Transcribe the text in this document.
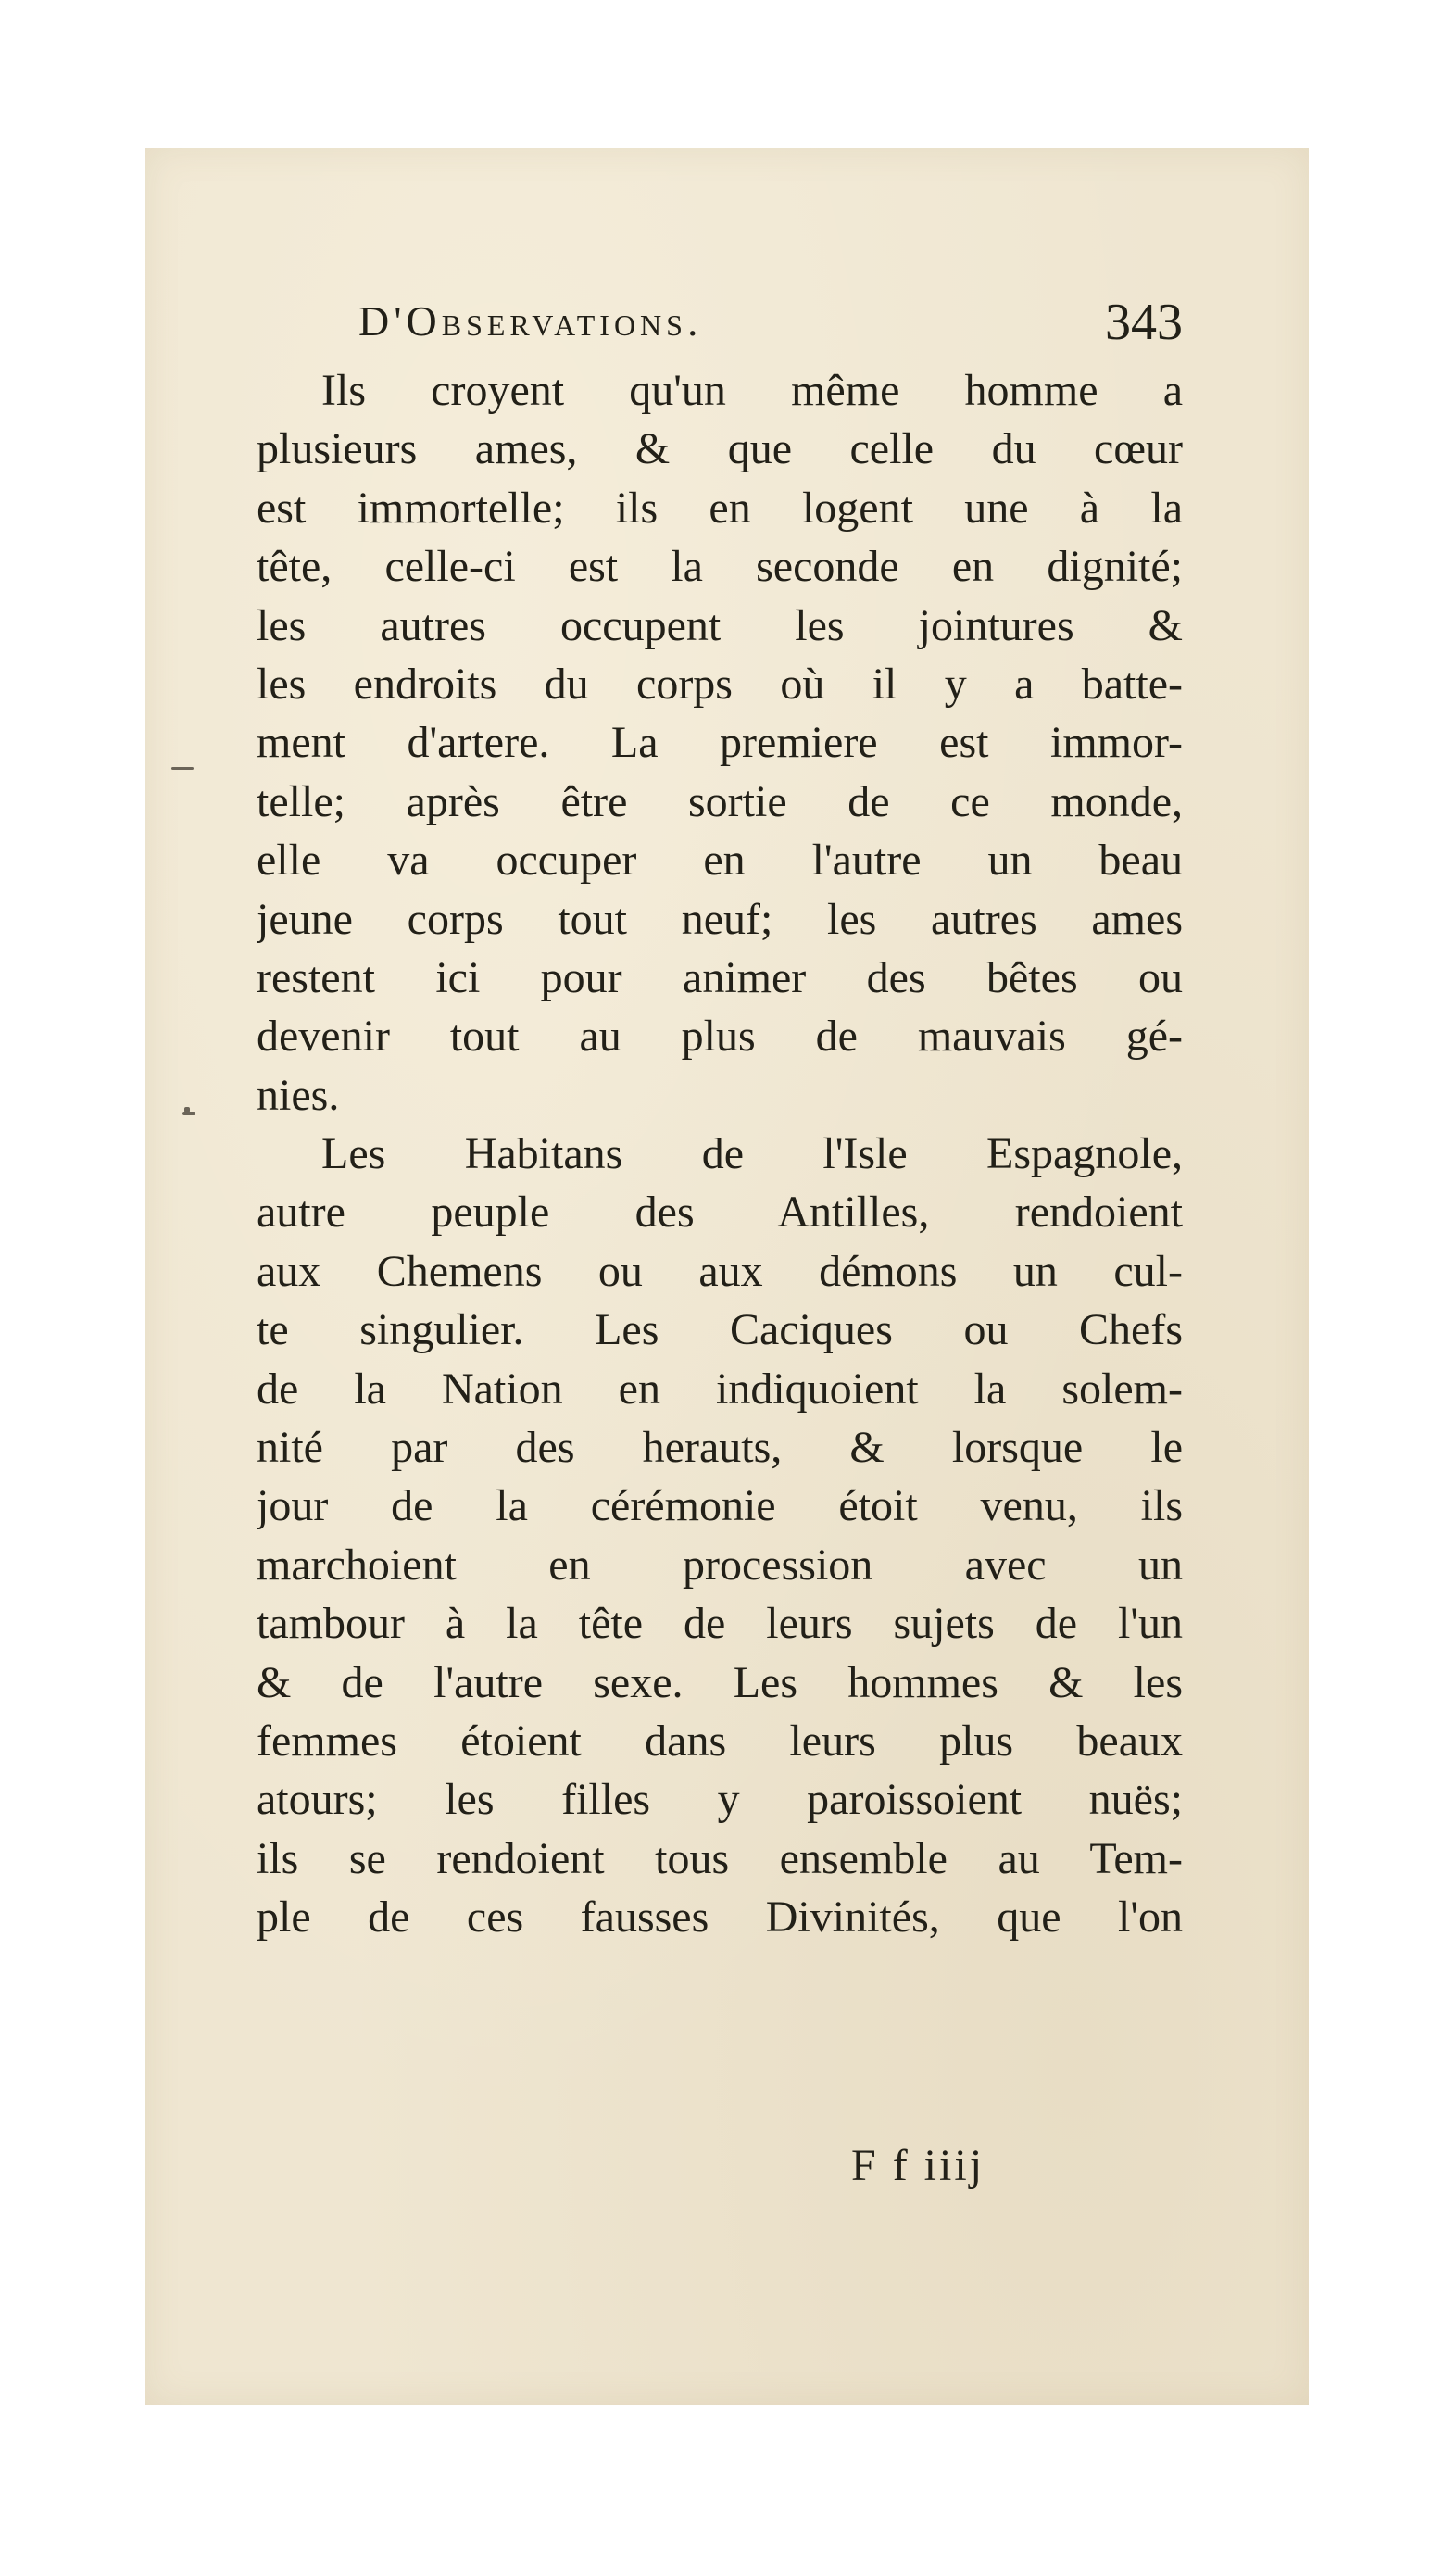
D'Observations.	343
Ils croyent qu'un même homme a
plusieurs ames, & que celle du cœur
est immortelle; ils en logent une à la
tête, celle-ci est la seconde en dignité;
les autres occupent les jointures &
les endroits du corps où il y a batte-
ment d'artere. La premiere est immor-
telle; après être sortie de ce monde,
elle va occuper en l'autre un beau
jeune corps tout neuf; les autres ames
restent ici pour animer des bêtes ou
devenir tout au plus de mauvais gé-
nies.
Les Habitans de l'Isle Espagnole,
autre peuple des Antilles, rendoient
aux Chemens ou aux démons un cul-
te singulier. Les Caciques ou Chefs
de la Nation en indiquoient la solem-
nité par des herauts, & lorsque le
jour de la cérémonie étoit venu, ils
marchoient en procession avec un
tambour à la tête de leurs sujets de l'un
& de l'autre sexe. Les hommes & les
femmes étoient dans leurs plus beaux
atours; les filles y paroissoient nuës;
ils se rendoient tous ensemble au Tem-
ple de ces fausses Divinités, que l'on
F f iiij
